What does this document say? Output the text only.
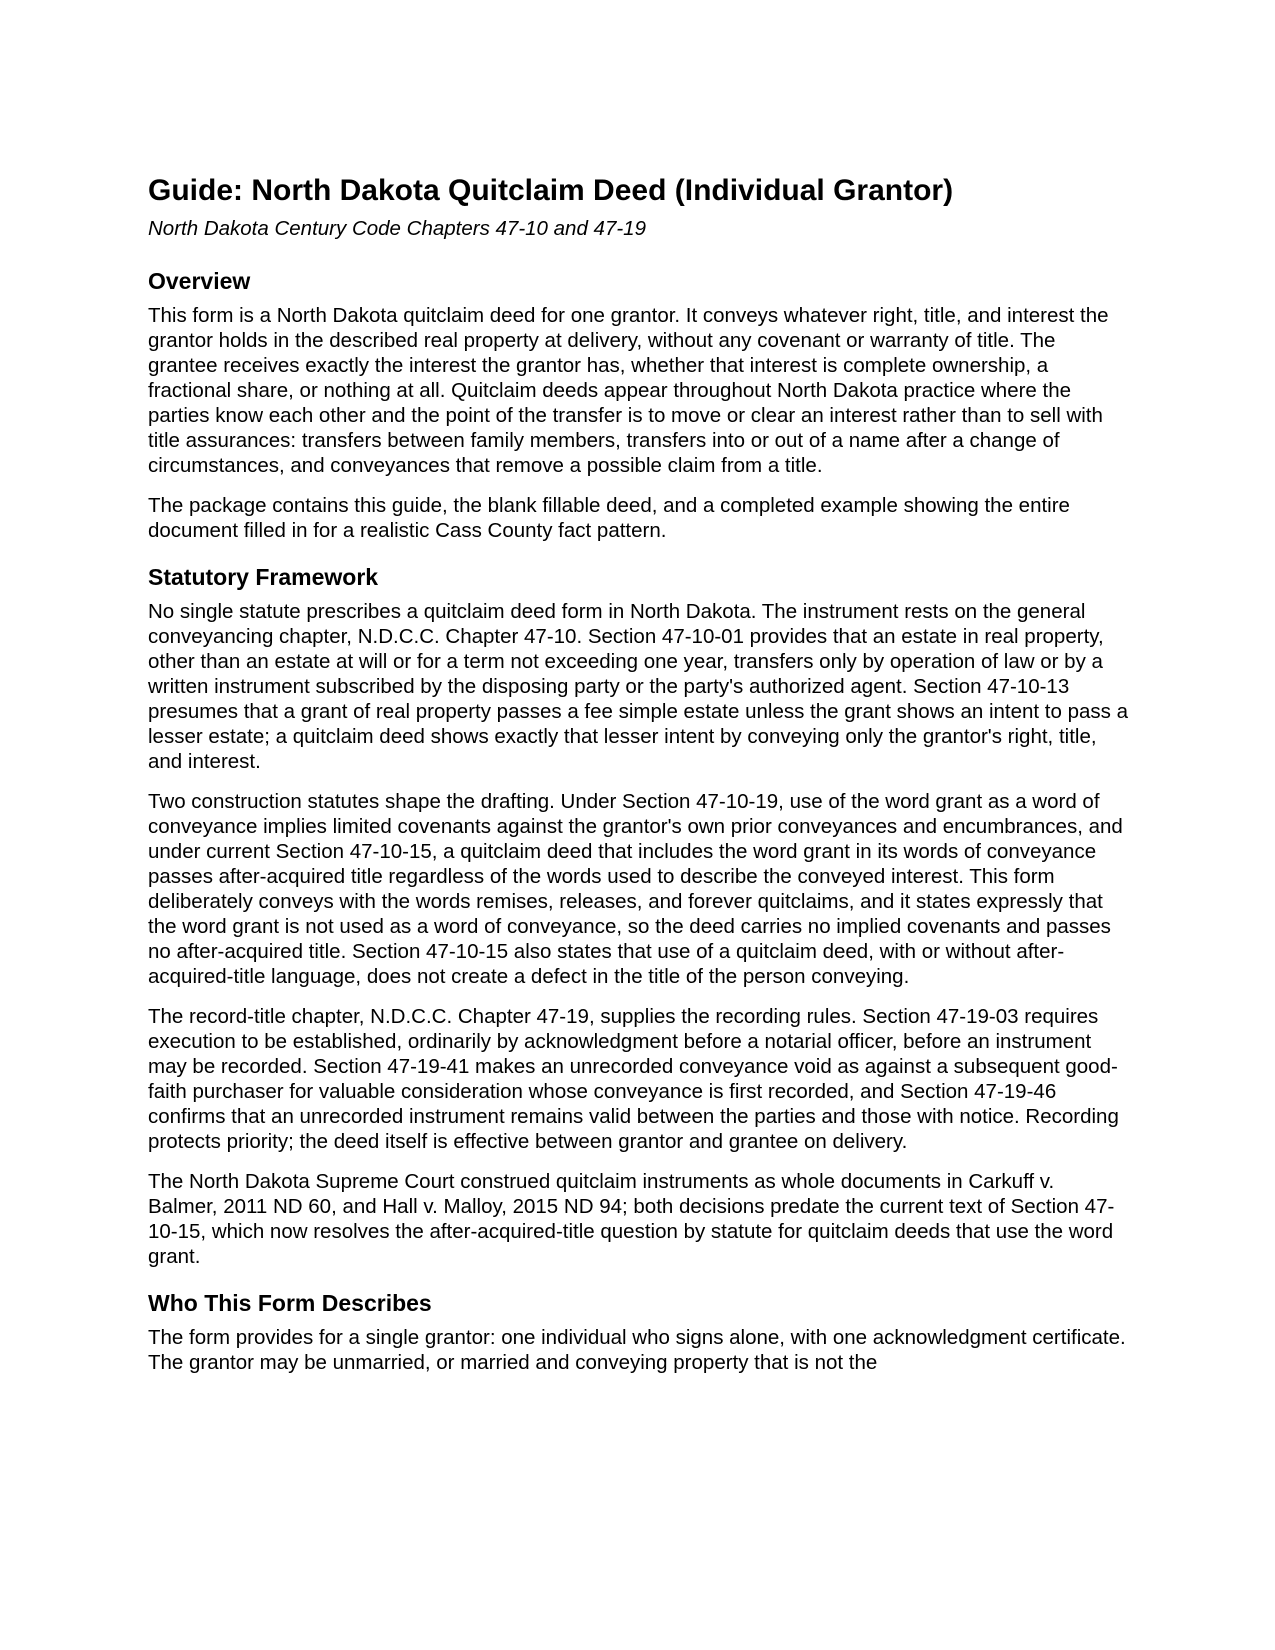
Guide: North Dakota Quitclaim Deed (Individual Grantor)
North Dakota Century Code Chapters 47-10 and 47-19
Overview

This form is a North Dakota quitclaim deed for one grantor. It conveys whatever right, title, and interest the grantor holds in the described real property at delivery, without any covenant or warranty of title. The grantee receives exactly the interest the grantor has, whether that interest is complete ownership, a fractional share, or nothing at all. Quitclaim deeds appear throughout North Dakota practice where the parties know each other and the point of the transfer is to move or clear an interest rather than to sell with title assurances: transfers between family members, transfers into or out of a name after a change of circumstances, and conveyances that remove a possible claim from a title.

The package contains this guide, the blank fillable deed, and a completed example showing the entire document filled in for a realistic Cass County fact pattern.

Statutory Framework

No single statute prescribes a quitclaim deed form in North Dakota. The instrument rests on the general conveyancing chapter, N.D.C.C. Chapter 47-10. Section 47-10-01 provides that an estate in real property, other than an estate at will or for a term not exceeding one year, transfers only by operation of law or by a written instrument subscribed by the disposing party or the party's authorized agent. Section 47-10-13 presumes that a grant of real property passes a fee simple estate unless the grant shows an intent to pass a lesser estate; a quitclaim deed shows exactly that lesser intent by conveying only the grantor's right, title, and interest.

Two construction statutes shape the drafting. Under Section 47-10-19, use of the word grant as a word of conveyance implies limited covenants against the grantor's own prior conveyances and encumbrances, and under current Section 47-10-15, a quitclaim deed that includes the word grant in its words of conveyance passes after-acquired title regardless of the words used to describe the conveyed interest. This form deliberately conveys with the words remises, releases, and forever quitclaims, and it states expressly that the word grant is not used as a word of conveyance, so the deed carries no implied covenants and passes no after-acquired title. Section 47-10-15 also states that use of a quitclaim deed, with or without after-acquired-title language, does not create a defect in the title of the person conveying.

The record-title chapter, N.D.C.C. Chapter 47-19, supplies the recording rules. Section 47-19-03 requires execution to be established, ordinarily by acknowledgment before a notarial officer, before an instrument may be recorded. Section 47-19-41 makes an unrecorded conveyance void as against a subsequent good-faith purchaser for valuable consideration whose conveyance is first recorded, and Section 47-19-46 confirms that an unrecorded instrument remains valid between the parties and those with notice. Recording protects priority; the deed itself is effective between grantor and grantee on delivery.

The North Dakota Supreme Court construed quitclaim instruments as whole documents in Carkuff v. Balmer, 2011 ND 60, and Hall v. Malloy, 2015 ND 94; both decisions predate the current text of Section 47-10-15, which now resolves the after-acquired-title question by statute for quitclaim deeds that use the word grant.

Who This Form Describes

The form provides for a single grantor: one individual who signs alone, with one acknowledgment certificate. The grantor may be unmarried, or married and conveying property that is not the
